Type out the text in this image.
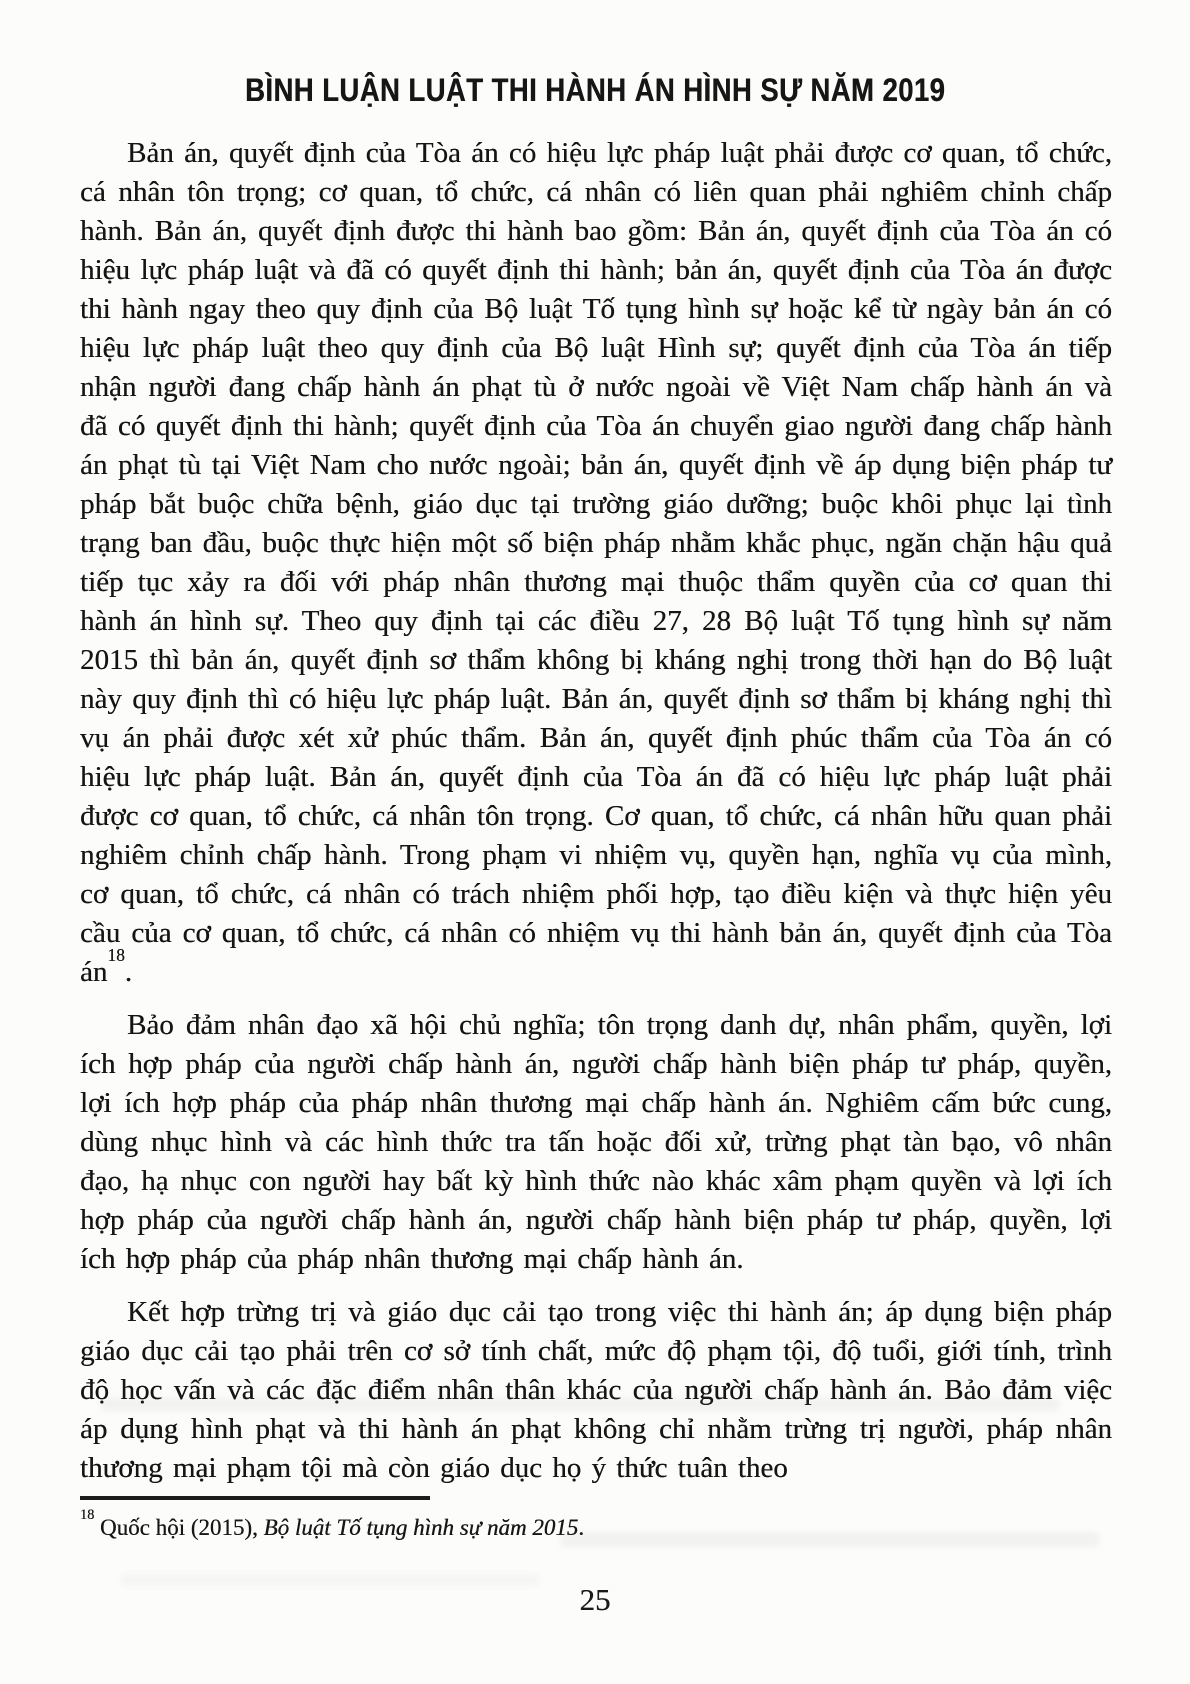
BÌNH LUẬN LUẬT THI HÀNH ÁN HÌNH SỰ NĂM 2019

Bản án, quyết định của Tòa án có hiệu lực pháp luật phải được cơ quan, tổ chức, cá nhân tôn trọng; cơ quan, tổ chức, cá nhân có liên quan phải nghiêm chỉnh chấp hành. Bản án, quyết định được thi hành bao gồm: Bản án, quyết định của Tòa án có hiệu lực pháp luật và đã có quyết định thi hành; bản án, quyết định của Tòa án được thi hành ngay theo quy định của Bộ luật Tố tụng hình sự hoặc kể từ ngày bản án có hiệu lực pháp luật theo quy định của Bộ luật Hình sự; quyết định của Tòa án tiếp nhận người đang chấp hành án phạt tù ở nước ngoài về Việt Nam chấp hành án và đã có quyết định thi hành; quyết định của Tòa án chuyển giao người đang chấp hành án phạt tù tại Việt Nam cho nước ngoài; bản án, quyết định về áp dụng biện pháp tư pháp bắt buộc chữa bệnh, giáo dục tại trường giáo dưỡng; buộc khôi phục lại tình trạng ban đầu, buộc thực hiện một số biện pháp nhằm khắc phục, ngăn chặn hậu quả tiếp tục xảy ra đối với pháp nhân thương mại thuộc thẩm quyền của cơ quan thi hành án hình sự. Theo quy định tại các điều 27, 28 Bộ luật Tố tụng hình sự năm 2015 thì bản án, quyết định sơ thẩm không bị kháng nghị trong thời hạn do Bộ luật này quy định thì có hiệu lực pháp luật. Bản án, quyết định sơ thẩm bị kháng nghị thì vụ án phải được xét xử phúc thẩm. Bản án, quyết định phúc thẩm của Tòa án có hiệu lực pháp luật. Bản án, quyết định của Tòa án đã có hiệu lực pháp luật phải được cơ quan, tổ chức, cá nhân tôn trọng. Cơ quan, tổ chức, cá nhân hữu quan phải nghiêm chỉnh chấp hành. Trong phạm vi nhiệm vụ, quyền hạn, nghĩa vụ của mình, cơ quan, tổ chức, cá nhân có trách nhiệm phối hợp, tạo điều kiện và thực hiện yêu cầu của cơ quan, tổ chức, cá nhân có nhiệm vụ thi hành bản án, quyết định của Tòa án$^{18}$.

Bảo đảm nhân đạo xã hội chủ nghĩa; tôn trọng danh dự, nhân phẩm, quyền, lợi ích hợp pháp của người chấp hành án, người chấp hành biện pháp tư pháp, quyền, lợi ích hợp pháp của pháp nhân thương mại chấp hành án. Nghiêm cấm bức cung, dùng nhục hình và các hình thức tra tấn hoặc đối xử, trừng phạt tàn bạo, vô nhân đạo, hạ nhục con người hay bất kỳ hình thức nào khác xâm phạm quyền và lợi ích hợp pháp của người chấp hành án, người chấp hành biện pháp tư pháp, quyền, lợi ích hợp pháp của pháp nhân thương mại chấp hành án.

Kết hợp trừng trị và giáo dục cải tạo trong việc thi hành án; áp dụng biện pháp giáo dục cải tạo phải trên cơ sở tính chất, mức độ phạm tội, độ tuổi, giới tính, trình độ học vấn và các đặc điểm nhân thân khác của người chấp hành án. Bảo đảm việc áp dụng hình phạt và thi hành án phạt không chỉ nhằm trừng trị người, pháp nhân thương mại phạm tội mà còn giáo dục họ ý thức tuân theo

$^{18}$ Quốc hội (2015), Bộ luật Tố tụng hình sự năm 2015.
25
